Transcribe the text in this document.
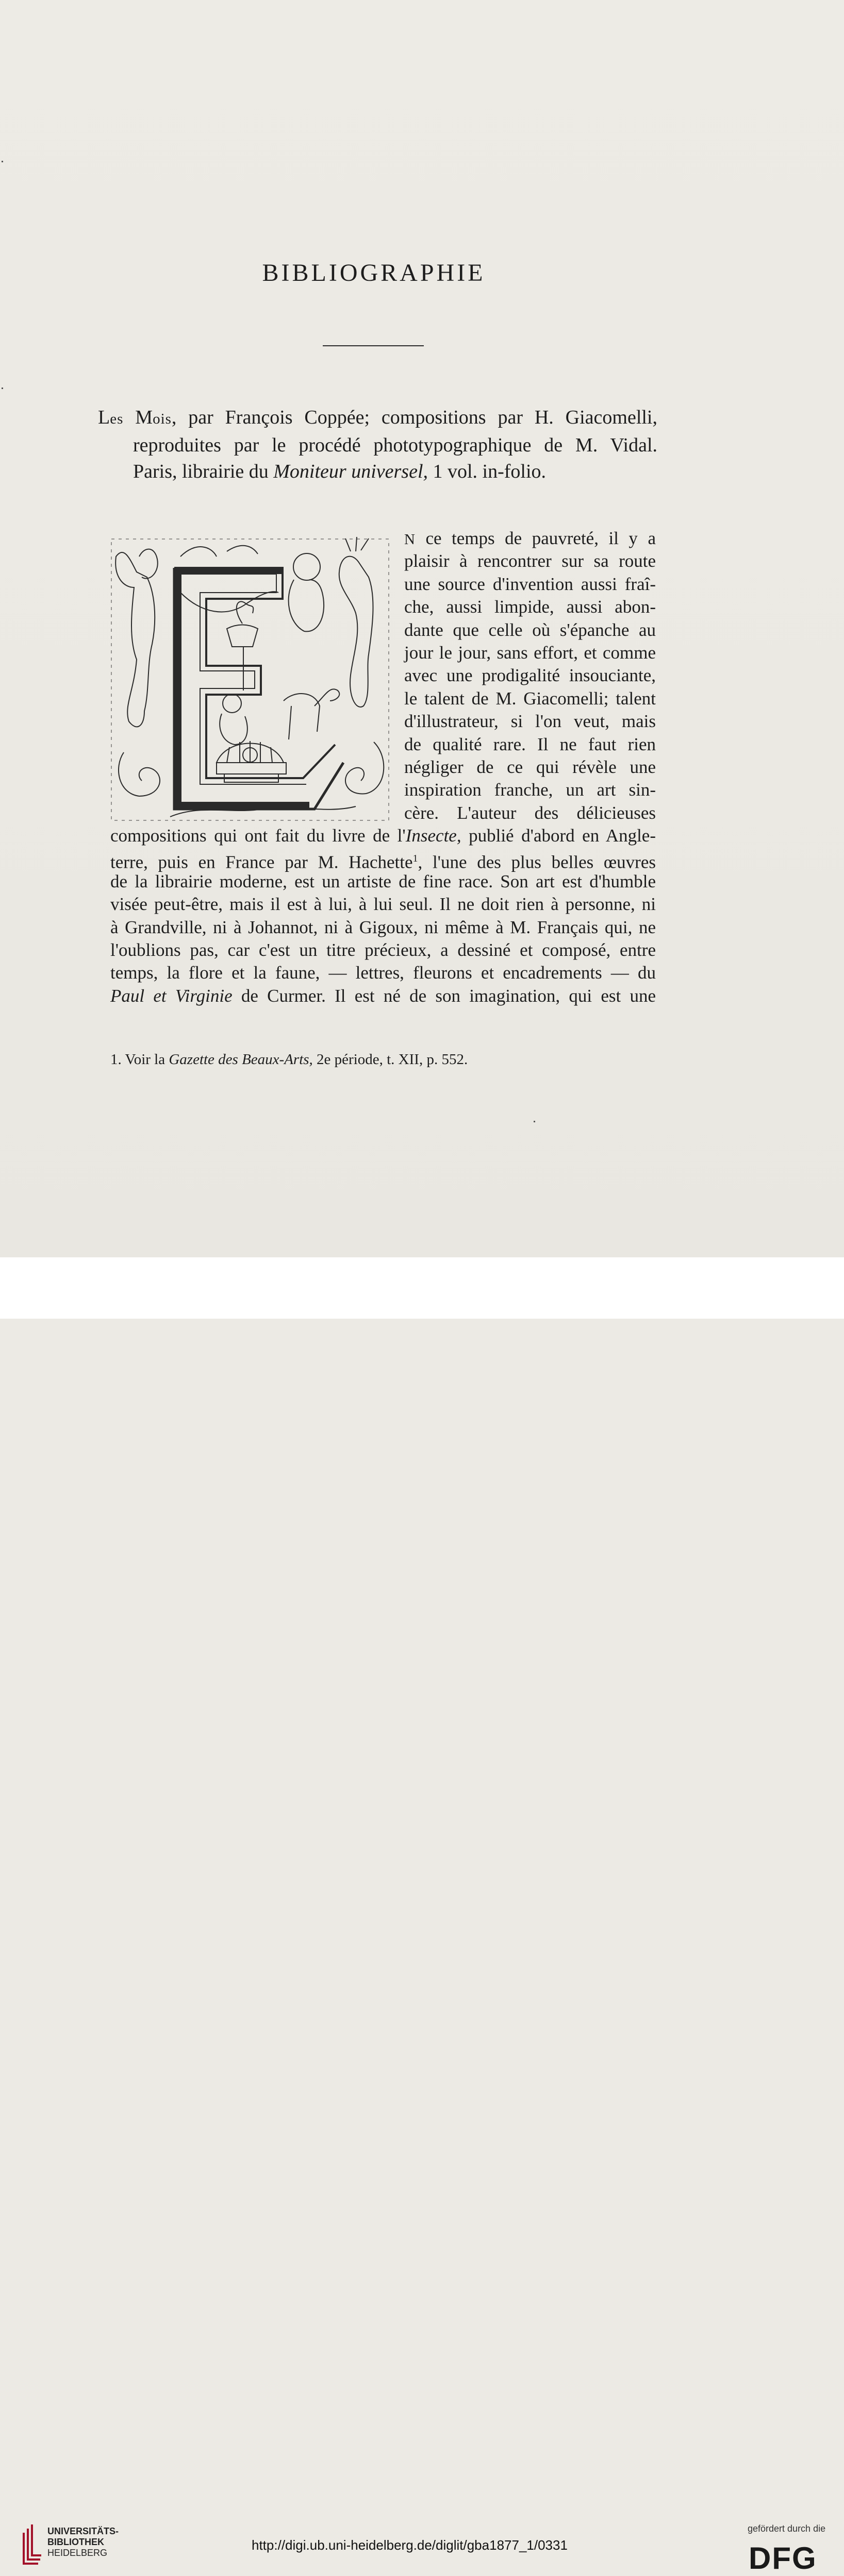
BIBLIOGRAPHIE
Les Mois, par François Coppée; compositions par H. Giacomelli,
reproduites par le procédé phototypographique de M. Vidal.
Paris, librairie du Moniteur universel, 1 vol. in-folio.
N ce temps de pauvreté, il y a
plaisir à rencontrer sur sa route
une source d'invention aussi fraî-
che, aussi limpide, aussi abon-
dante que celle où s'épanche au
jour le jour, sans effort, et comme
avec une prodigalité insouciante,
le talent de M. Giacomelli; talent
d'illustrateur, si l'on veut, mais
de qualité rare. Il ne faut rien
négliger de ce qui révèle une
inspiration franche, un art sin-
cère. L'auteur des délicieuses
compositions qui ont fait du livre de l'Insecte, publié d'abord en Angle-
terre, puis en France par M. Hachette$^1$, l'une des plus belles œuvres
de la librairie moderne, est un artiste de fine race. Son art est d'humble
visée peut-être, mais il est à lui, à lui seul. Il ne doit rien à personne, ni
à Grandville, ni à Johannot, ni à Gigoux, ni même à M. Français qui, ne
l'oublions pas, car c'est un titre précieux, a dessiné et composé, entre
temps, la flore et la faune, — lettres, fleurons et encadrements — du
Paul et Virginie de Curmer. Il est né de son imagination, qui est une
1. Voir la Gazette des Beaux-Arts, 2e période, t. XII, p. 552.
UNIVERSITÄTS-
BIBLIOTHEK
HEIDELBERG	http://digi.ub.uni-heidelberg.de/diglit/gba1877_1/0331
gefördert durch die
DFG
